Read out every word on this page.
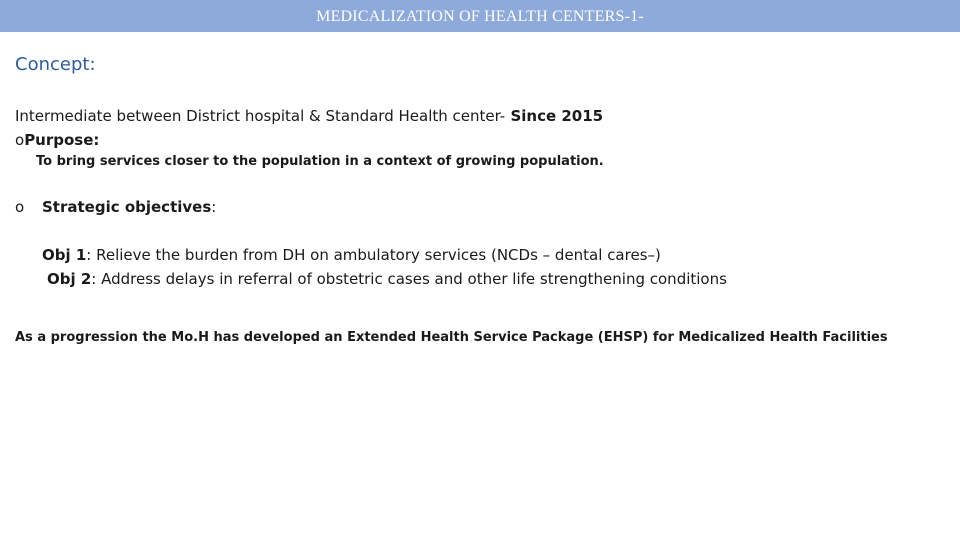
MEDICALIZATION OF HEALTH CENTERS-1-
Concept:
Intermediate between District hospital & Standard Health center- Since 2015
oPurpose:
To bring services closer to the population in a context of growing population.
o Strategic objectives:
Obj 1: Relieve the burden from DH on ambulatory services (NCDs – dental cares–)
Obj 2: Address delays in referral of obstetric cases and other life strengthening conditions
As a progression the Mo.H has developed an Extended Health Service Package (EHSP) for Medicalized Health Facilities
